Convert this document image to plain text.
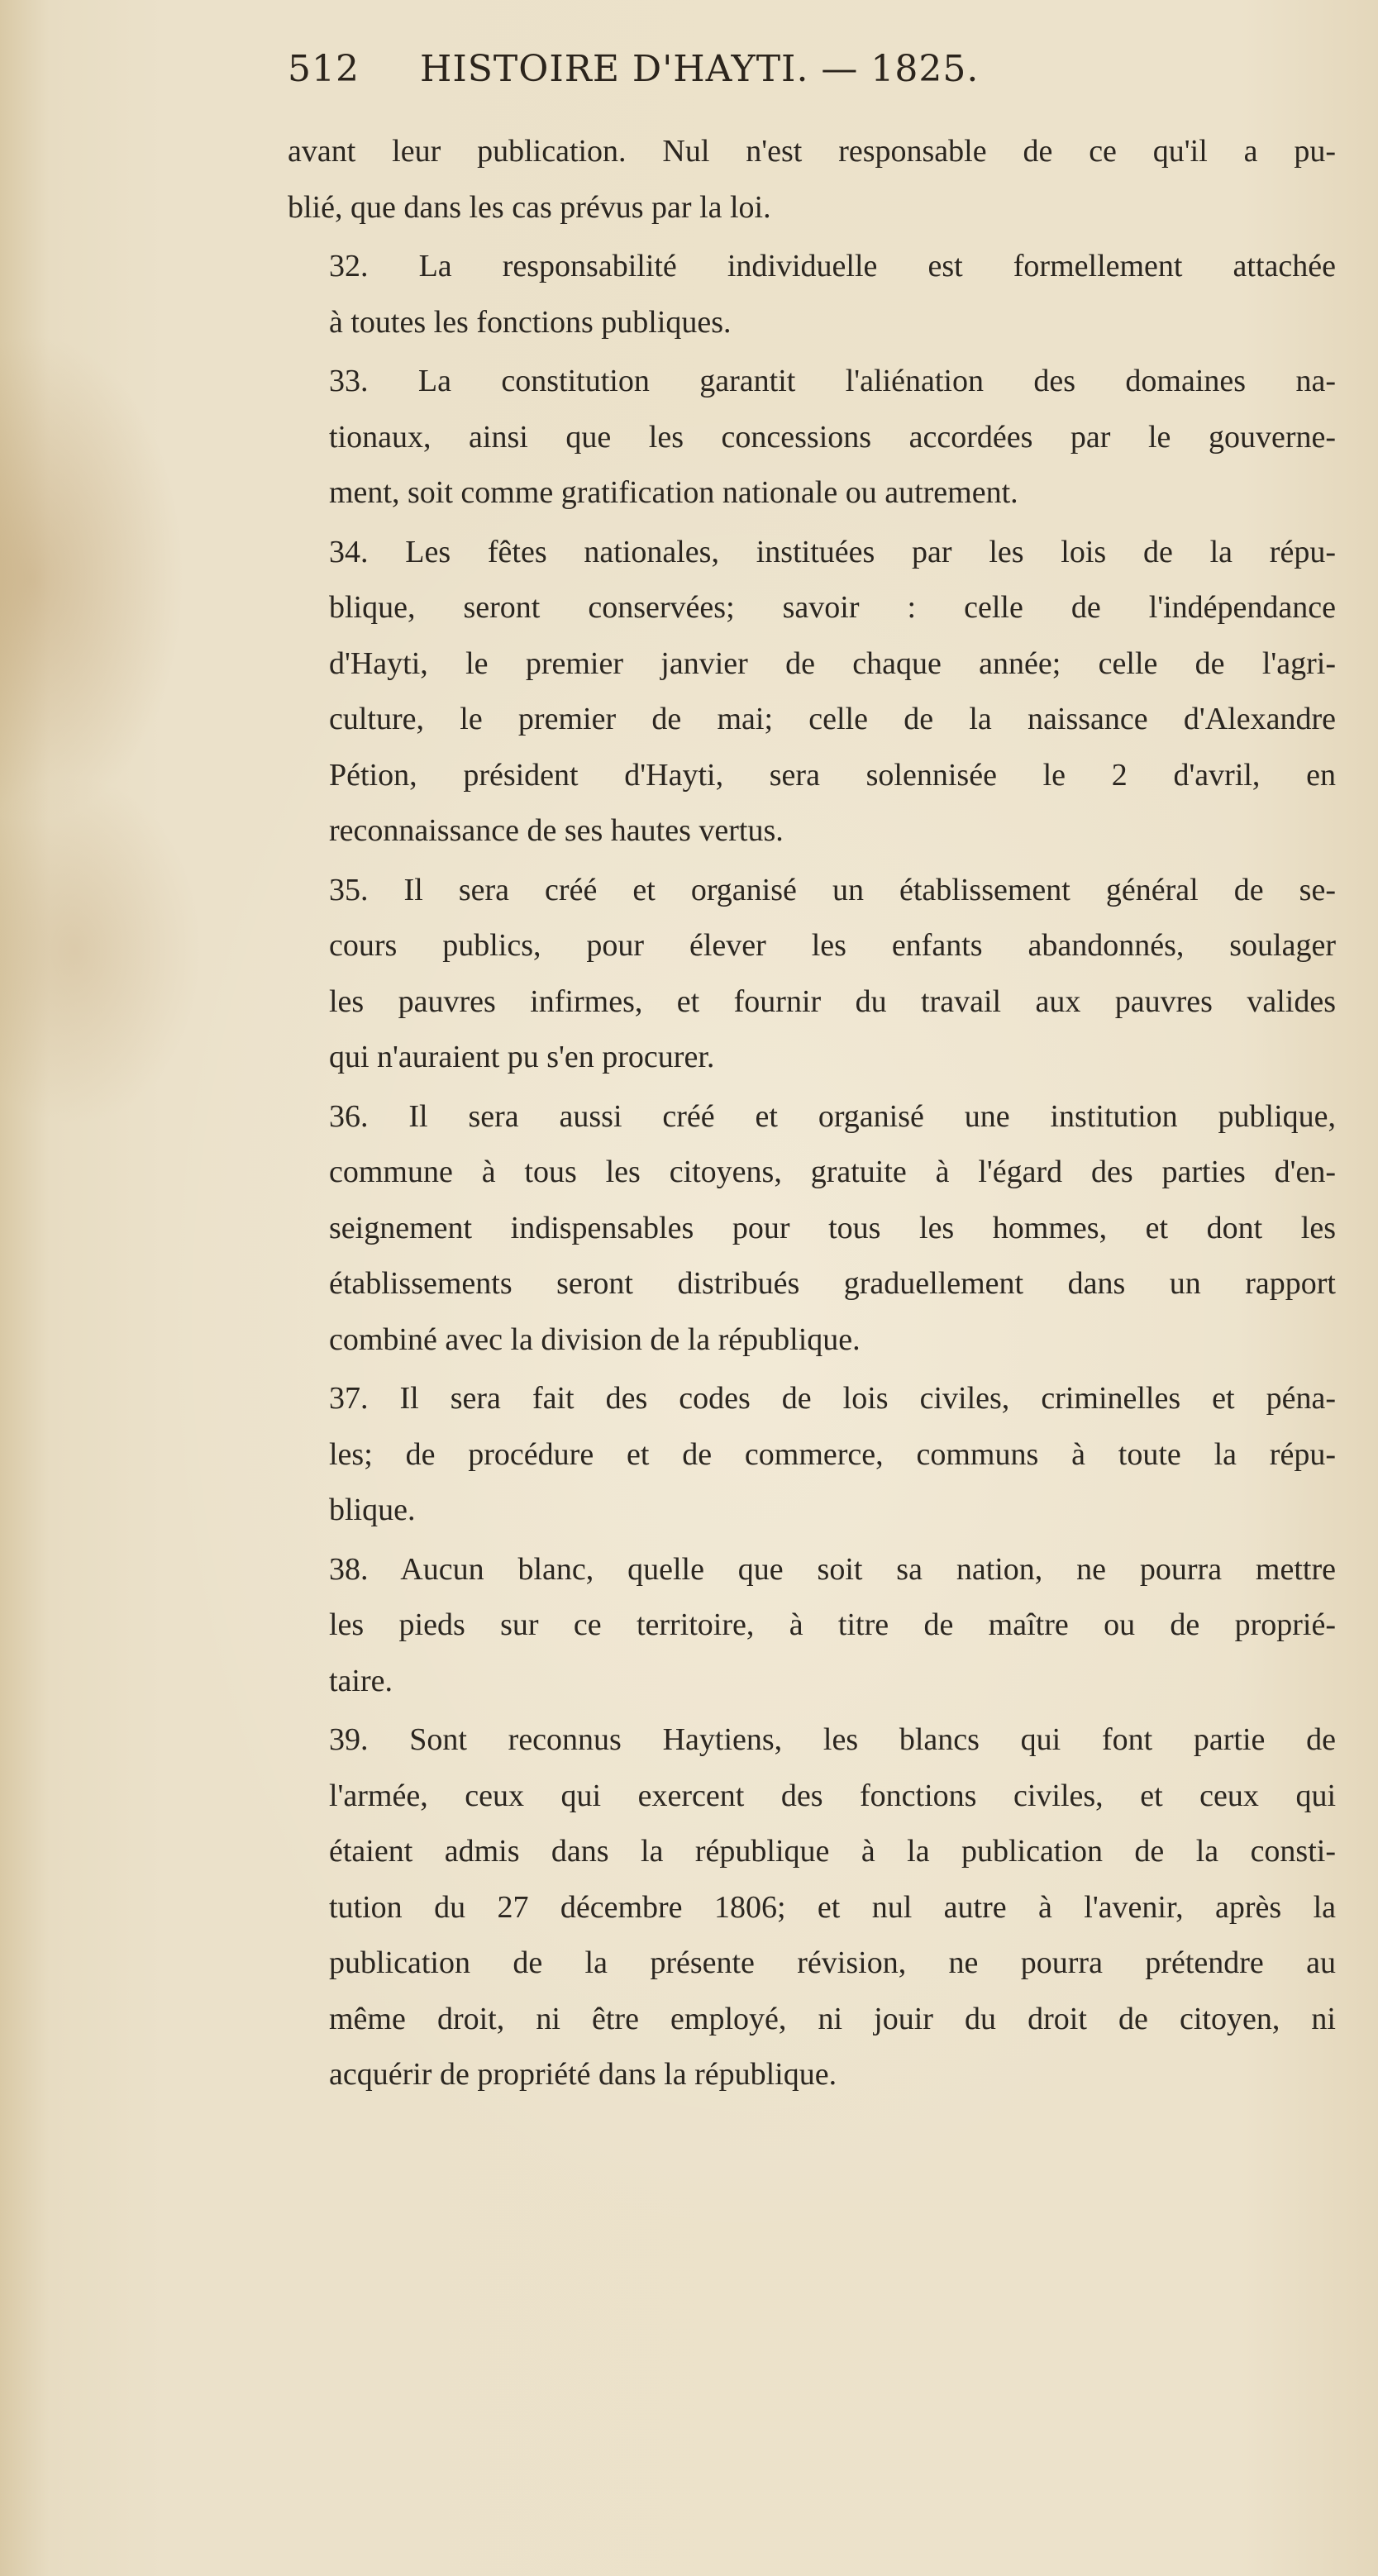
512 HISTOIRE D'HAYTI. — 1825.

avant leur publication. Nul n'est responsable de ce qu'il a pu-
blié, que dans les cas prévus par la loi.

32. La responsabilité individuelle est formellement attachée
à toutes les fonctions publiques.

33. La constitution garantit l'aliénation des domaines na-
tionaux, ainsi que les concessions accordées par le gouverne-
ment, soit comme gratification nationale ou autrement.

34. Les fêtes nationales, instituées par les lois de la répu-
blique, seront conservées; savoir : celle de l'indépendance
d'Hayti, le premier janvier de chaque année; celle de l'agri-
culture, le premier de mai; celle de la naissance d'Alexandre
Pétion, président d'Hayti, sera solennisée le 2 d'avril, en
reconnaissance de ses hautes vertus.

35. Il sera créé et organisé un établissement général de se-
cours publics, pour élever les enfants abandonnés, soulager
les pauvres infirmes, et fournir du travail aux pauvres valides
qui n'auraient pu s'en procurer.

36. Il sera aussi créé et organisé une institution publique,
commune à tous les citoyens, gratuite à l'égard des parties d'en-
seignement indispensables pour tous les hommes, et dont les
établissements seront distribués graduellement dans un rapport
combiné avec la division de la république.

37. Il sera fait des codes de lois civiles, criminelles et péna-
les; de procédure et de commerce, communs à toute la répu-
blique.

38. Aucun blanc, quelle que soit sa nation, ne pourra mettre
les pieds sur ce territoire, à titre de maître ou de proprié-
taire.

39. Sont reconnus Haytiens, les blancs qui font partie de
l'armée, ceux qui exercent des fonctions civiles, et ceux qui
étaient admis dans la république à la publication de la consti-
tution du 27 décembre 1806; et nul autre à l'avenir, après la
publication de la présente révision, ne pourra prétendre au
même droit, ni être employé, ni jouir du droit de citoyen, ni
acquérir de propriété dans la république.
